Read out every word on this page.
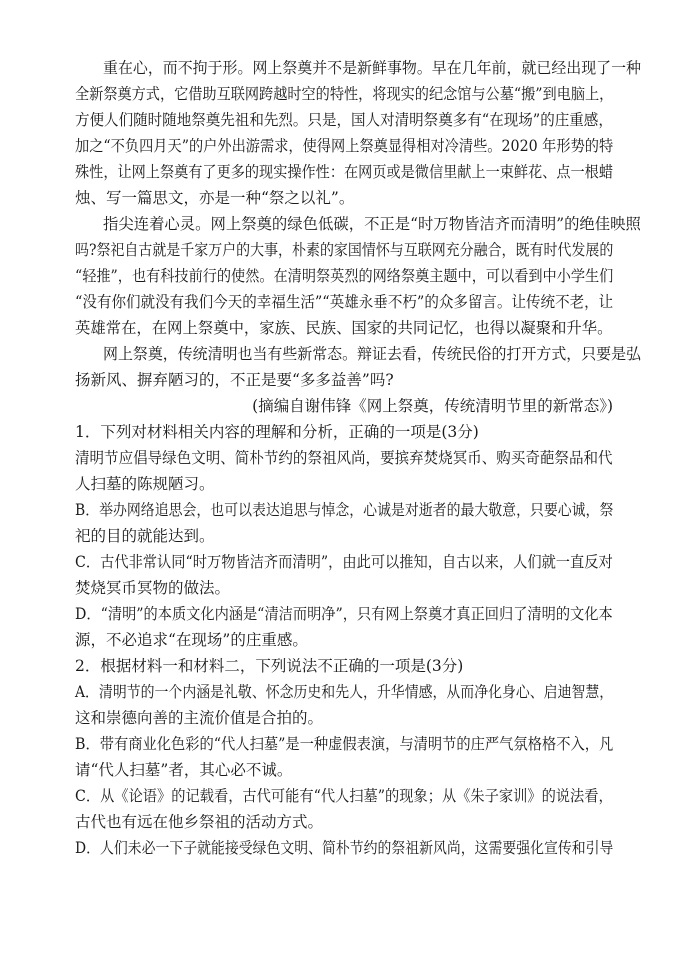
重在心，而不拘于形。网上祭奠并不是新鲜事物。早在几年前，就已经出现了一种
全新祭奠方式，它借助互联网跨越时空的特性，将现实的纪念馆与公墓“搬”到电脑上，
方便人们随时随地祭奠先祖和先烈。只是，国人对清明祭奠多有“在现场”的庄重感，
加之“不负四月天”的户外出游需求，使得网上祭奠显得相对冷清些。2020 年形势的特
殊性，让网上祭奠有了更多的现实操作性：在网页或是微信里献上一束鲜花、点一根蜡
烛、写一篇思文，亦是一种“祭之以礼”。
指尖连着心灵。网上祭奠的绿色低碳，不正是“时万物皆洁齐而清明”的绝佳映照
吗?祭祀自古就是千家万户的大事，朴素的家国情怀与互联网充分融合，既有时代发展的
“轻推”，也有科技前行的使然。在清明祭英烈的网络祭奠主题中，可以看到中小学生们
“没有你们就没有我们今天的幸福生活”“英雄永垂不朽”的众多留言。让传统不老，让
英雄常在，在网上祭奠中，家族、民族、国家的共同记忆，也得以凝聚和升华。
网上祭奠，传统清明也当有些新常态。辩证去看，传统民俗的打开方式，只要是弘
扬新风、摒弃陋习的，不正是要“多多益善”吗?
(摘编自谢伟锋《网上祭奠，传统清明节里的新常态》)
1．下列对材料相关内容的理解和分析，正确的一项是(3分)
清明节应倡导绿色文明、简朴节约的祭祖风尚，要摈弃焚烧冥币、购买奇葩祭品和代
人扫墓的陈规陋习。
B．举办网络追思会，也可以表达追思与悼念，心诚是对逝者的最大敬意，只要心诚，祭
祀的目的就能达到。
C．古代非常认同“时万物皆洁齐而清明”，由此可以推知，自古以来，人们就一直反对
焚烧冥币冥物的做法。
D．“清明”的本质文化内涵是“清洁而明净”，只有网上祭奠才真正回归了清明的文化本
源，不必追求“在现场”的庄重感。
2．根据材料一和材料二，下列说法不正确的一项是(3分)
A．清明节的一个内涵是礼敬、怀念历史和先人，升华情感，从而净化身心、启迪智慧，
这和崇德向善的主流价值是合拍的。
B．带有商业化色彩的“代人扫墓”是一种虚假表演，与清明节的庄严气氛格格不入，凡
请“代人扫墓”者，其心必不诚。
C．从《论语》的记载看，古代可能有“代人扫墓”的现象；从《朱子家训》的说法看，
古代也有远在他乡祭祖的活动方式。
D．人们未必一下子就能接受绿色文明、简朴节约的祭祖新风尚，这需要强化宣传和引导
